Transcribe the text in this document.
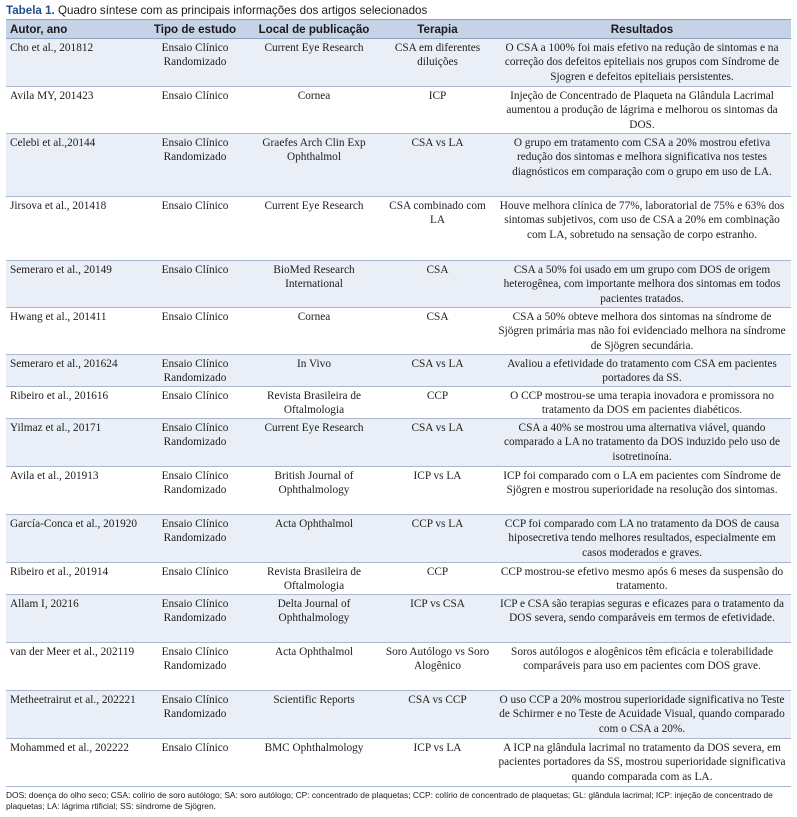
Tabela 1. Quadro síntese com as principais informações dos artigos selecionados
Autor, ano	Tipo de estudo	Local de publicação	Terapia	Resultados
Cho et al., 201812	Ensaio Clínico Randomizado	Current Eye Research	CSA em diferentes diluições	O CSA a 100% foi mais efetivo na redução de sintomas e na correção dos defeitos epiteliais nos grupos com Síndrome de Sjogren e defeitos epiteliais persistentes.
Avila MY, 201423	Ensaio Clínico	Cornea	ICP	Injeção de Concentrado de Plaqueta na Glândula Lacrimal aumentou a produção de lágrima e melhorou os sintomas da DOS.
Celebi et al.,20144	Ensaio Clínico Randomizado	Graefes Arch Clin Exp Ophthalmol	CSA vs LA	O grupo em tratamento com CSA a 20% mostrou efetiva redução dos sintomas e melhora significativa nos testes diagnósticos em comparação com o grupo em uso de LA.
Jirsova et al., 201418	Ensaio Clínico	Current Eye Research	CSA combinado com LA	Houve melhora clínica de 77%, laboratorial de 75% e 63% dos sintomas subjetivos, com uso de CSA a 20% em combinação com LA, sobretudo na sensação de corpo estranho.
Semeraro et al., 20149	Ensaio Clínico	BioMed Research International	CSA	CSA a 50% foi usado em um grupo com DOS de origem heterogênea, com importante melhora dos sintomas em todos pacientes tratados.
Hwang et al., 201411	Ensaio Clínico	Cornea	CSA	CSA a 50% obteve melhora dos sintomas na síndrome de Sjögren primária mas não foi evidenciado melhora na síndrome de Sjögren secundária.
Semeraro et al., 201624	Ensaio Clínico Randomizado	In Vivo	CSA vs LA	Avaliou a efetividade do tratamento com CSA em pacientes portadores da SS.
Ribeiro et al., 201616	Ensaio Clínico	Revista Brasileira de Oftalmologia	CCP	O CCP mostrou-se uma terapia inovadora e promissora no tratamento da DOS em pacientes diabéticos.
Yilmaz et al., 20171	Ensaio Clínico Randomizado	Current Eye Research	CSA vs LA	CSA a 40% se mostrou uma alternativa viável, quando comparado a LA no tratamento da DOS induzido pelo uso de isotretinoína.
Avila et al., 201913	Ensaio Clínico Randomizado	British Journal of Ophthalmology	ICP vs LA	ICP foi comparado com o LA em pacientes com Síndrome de Sjögren e mostrou superioridade na resolução dos sintomas.
García-Conca et al., 201920	Ensaio Clínico Randomizado	Acta Ophthalmol	CCP vs LA	CCP foi comparado com LA no tratamento da DOS de causa hiposecretiva tendo melhores resultados, especialmente em casos moderados e graves.
Ribeiro et al., 201914	Ensaio Clínico	Revista Brasileira de Oftalmologia	CCP	CCP mostrou-se efetivo mesmo após 6 meses da suspensão do tratamento.
Allam I, 20216	Ensaio Clínico Randomizado	Delta Journal of Ophthalmology	ICP vs CSA	ICP e CSA são terapias seguras e eficazes para o tratamento da DOS severa, sendo comparáveis em termos de efetividade.
van der Meer et al., 202119	Ensaio Clínico Randomizado	Acta Ophthalmol	Soro Autólogo vs Soro Alogênico	Soros autólogos e alogênicos têm eficácia e tolerabilidade comparáveis para uso em pacientes com DOS grave.
Metheetrairut et al., 202221	Ensaio Clínico Randomizado	Scientific Reports	CSA vs CCP	O uso CCP a 20% mostrou superioridade significativa no Teste de Schirmer e no Teste de Acuidade Visual, quando comparado com o CSA a 20%.
Mohammed et al., 202222	Ensaio Clínico	BMC Ophthalmology	ICP vs LA	A ICP na glândula lacrimal no tratamento da DOS severa, em pacientes portadores da SS, mostrou superioridade significativa quando comparada com as LA.
DOS: doença do olho seco; CSA: colírio de soro autólogo; SA: soro autólogo; CP: concentrado de plaquetas; CCP: colírio de concentrado de plaquetas; GL: glândula lacrimal; ICP: injeção de concentrado de plaquetas; LA: lágrima rtificial; SS: síndrome de Sjögren.
